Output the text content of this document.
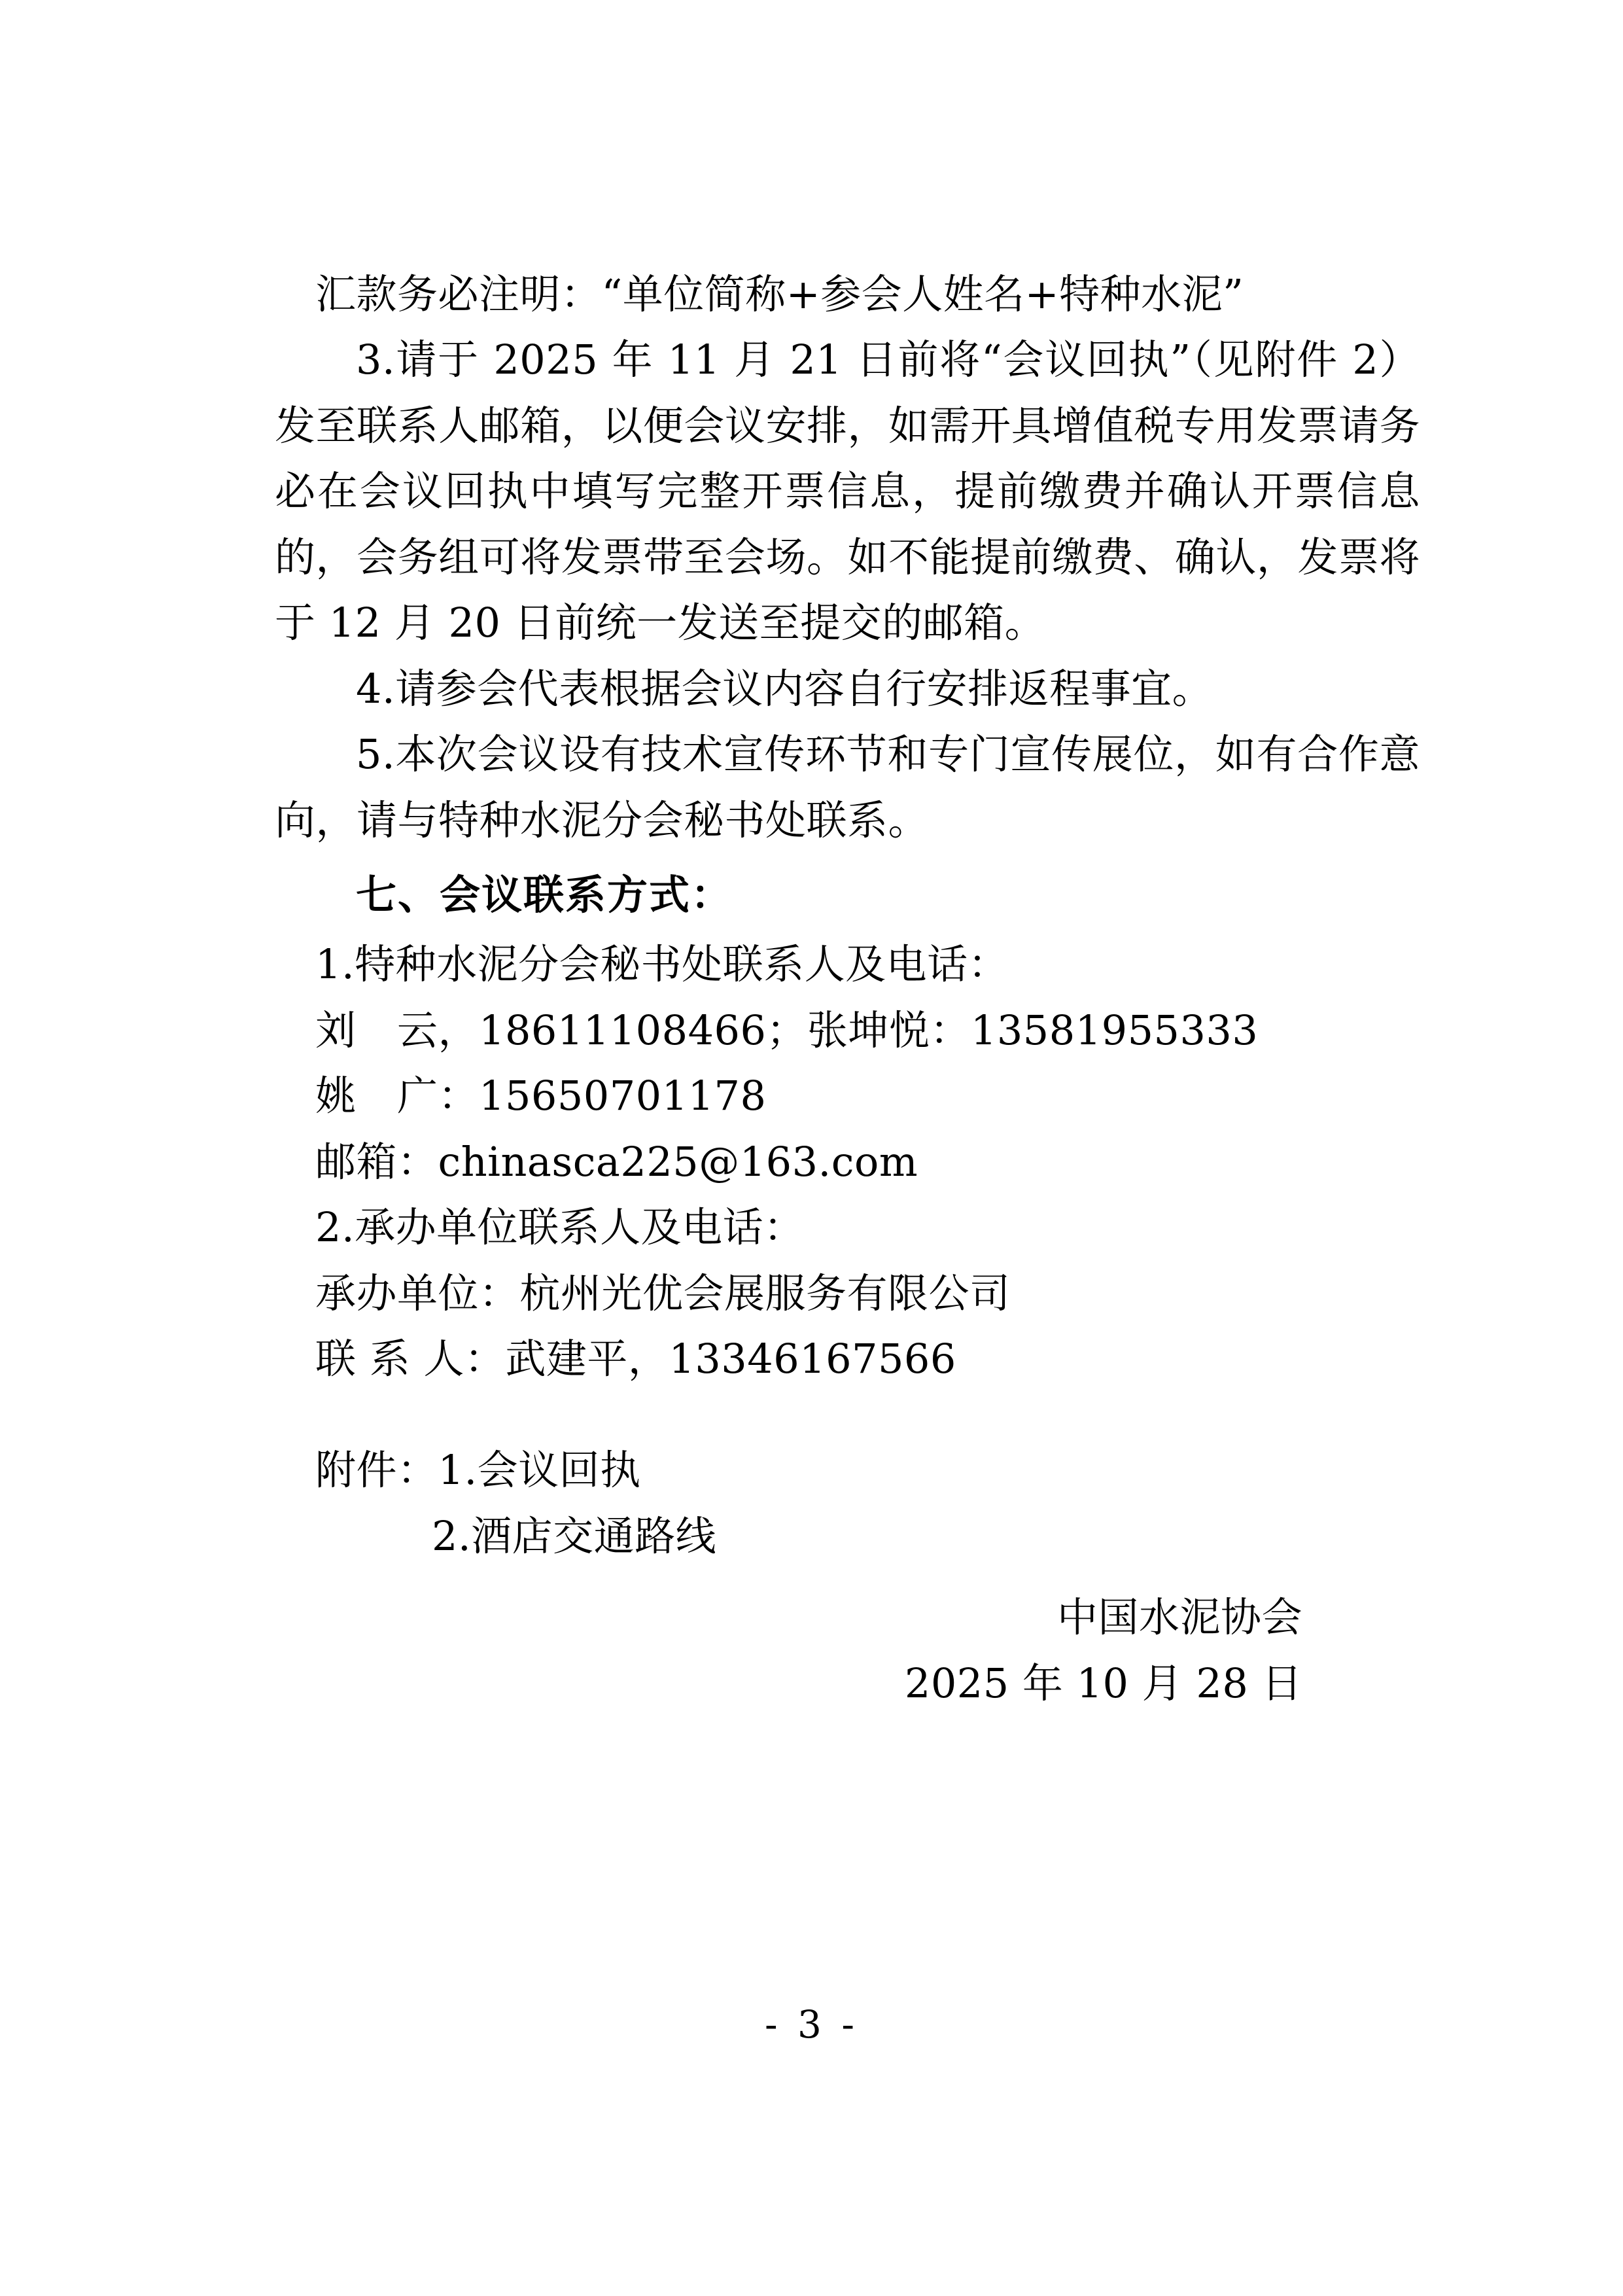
汇款务必注明：“单位简称+参会人姓名+特种水泥”

3.请于 2025 年 11 月 21 日前将“会议回执”（见附件 2）发至联系人邮箱，以便会议安排，如需开具增值税专用发票请务必在会议回执中填写完整开票信息，提前缴费并确认开票信息的，会务组可将发票带至会场。如不能提前缴费、确认，发票将于 12 月 20 日前统一发送至提交的邮箱。

4.请参会代表根据会议内容自行安排返程事宜。

5.本次会议设有技术宣传环节和专门宣传展位，如有合作意向，请与特种水泥分会秘书处联系。

七、会议联系方式：

1.特种水泥分会秘书处联系人及电话：

刘　云，18611108466；张坤悦：13581955333

姚　广：15650701178

邮箱：chinasca225@163.com

2.承办单位联系人及电话：

承办单位：杭州光优会展服务有限公司

联 系 人：武建平，13346167566

附件：1.会议回执

2.酒店交通路线

中国水泥协会

2025 年 10 月 28 日

- 3 -
